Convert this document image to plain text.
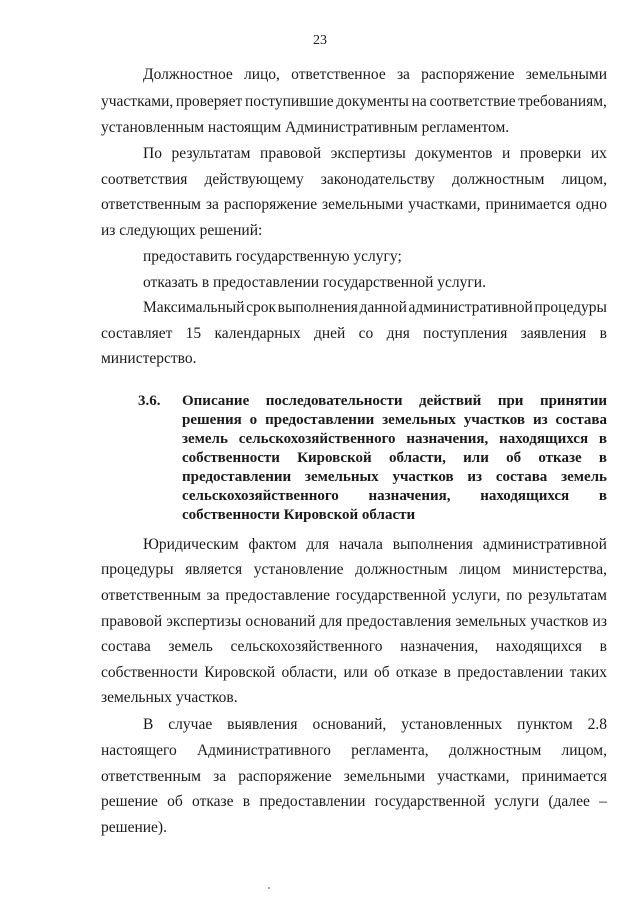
23
Должностное лицо, ответственное за распоряжение земельными
участками, проверяет поступившие документы на соответствие требованиям,
установленным настоящим Административным регламентом.
По результатам правовой экспертизы документов и проверки их
соответствия действующему законодательству должностным лицом,
ответственным за распоряжение земельными участками, принимается одно
из следующих решений:
предоставить государственную услугу;
отказать в предоставлении государственной услуги.
Максимальный срок выполнения данной административной процедуры
составляет 15 календарных дней со дня поступления заявления в
министерство.
3.6. Описание последовательности действий при принятии
решения о предоставлении земельных участков из состава
земель сельскохозяйственного назначения, находящихся в
собственности Кировской области, или об отказе в
предоставлении земельных участков из состава земель
сельскохозяйственного назначения, находящихся в
собственности Кировской области
Юридическим фактом для начала выполнения административной
процедуры является установление должностным лицом министерства,
ответственным за предоставление государственной услуги, по результатам
правовой экспертизы оснований для предоставления земельных участков из
состава земель сельскохозяйственного назначения, находящихся в
собственности Кировской области, или об отказе в предоставлении таких
земельных участков.
В случае выявления оснований, установленных пунктом 2.8
настоящего Административного регламента, должностным лицом,
ответственным за распоряжение земельными участками, принимается
решение об отказе в предоставлении государственной услуги (далее –
решение).
